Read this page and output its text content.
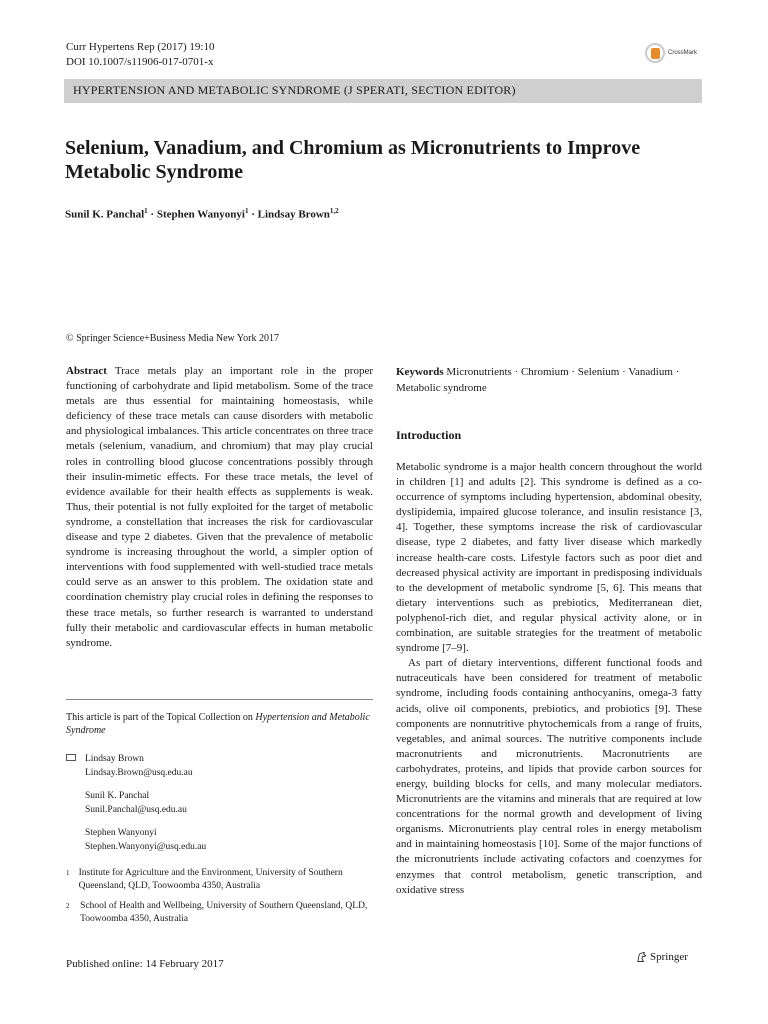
Curr Hypertens Rep (2017) 19:10
DOI 10.1007/s11906-017-0701-x
CrossMark
HYPERTENSION AND METABOLIC SYNDROME (J SPERATI, SECTION EDITOR)
Selenium, Vanadium, and Chromium as Micronutrients to Improve Metabolic Syndrome
Sunil K. Panchal$^1$ · Stephen Wanyonyi$^1$ · Lindsay Brown$^{1,2}$
© Springer Science+Business Media New York 2017
Abstract Trace metals play an important role in the proper functioning of carbohydrate and lipid metabolism. Some of the trace metals are thus essential for maintaining homeostasis, while deficiency of these trace metals can cause disorders with metabolic and physiological imbalances. This article concentrates on three trace metals (selenium, vanadium, and chromium) that may play crucial roles in controlling blood glucose concentrations possibly through their insulin-mimetic effects. For these trace metals, the level of evidence available for their health effects as supplements is weak. Thus, their potential is not fully exploited for the target of metabolic syndrome, a constellation that increases the risk for cardiovascular disease and type 2 diabetes. Given that the prevalence of metabolic syndrome is increasing throughout the world, a simpler option of interventions with food supplemented with well-studied trace metals could serve as an answer to this problem. The oxidation state and coordination chemistry play crucial roles in defining the responses to these trace metals, so further research is warranted to understand fully their metabolic and cardiovascular effects in human metabolic syndrome.
This article is part of the Topical Collection on Hypertension and Metabolic Syndrome
Lindsay Brown
Lindsay.Brown@usq.edu.au
Sunil K. Panchal
Sunil.Panchal@usq.edu.au
Stephen Wanyonyi
Stephen.Wanyonyi@usq.edu.au
1 Institute for Agriculture and the Environment, University of Southern Queensland, QLD, Toowoomba 4350, Australia
2	School of Health and Wellbeing, University of Southern Queensland, QLD, Toowoomba 4350, Australia
Published online: 14 February 2017
Keywords Micronutrients · Chromium · Selenium · Vanadium · Metabolic syndrome
Introduction

Metabolic syndrome is a major health concern throughout the world in children [1] and adults [2]. This syndrome is defined as a co-occurrence of symptoms including hypertension, abdominal obesity, dyslipidemia, impaired glucose tolerance, and insulin resistance [3, 4]. Together, these symptoms increase the risk of cardiovascular disease, type 2 diabetes, and fatty liver disease which markedly increase health-care costs. Lifestyle factors such as poor diet and decreased physical activity are important in predisposing individuals to the development of metabolic syndrome [5, 6]. This means that dietary interventions such as prebiotics, Mediterranean diet, polyphenol-rich diet, and regular physical activity alone, or in combination, are suitable strategies for the treatment of metabolic syndrome [7–9].

As part of dietary interventions, different functional foods and nutraceuticals have been considered for treatment of metabolic syndrome, including foods containing anthocyanins, omega-3 fatty acids, olive oil components, prebiotics, and probiotics [9]. These components are nonnutritive phytochemicals from a range of fruits, vegetables, and animal sources. The nutritive components include macronutrients and micronutrients. Macronutrients are carbohydrates, proteins, and lipids that provide carbon sources for energy, building blocks for cells, and many molecular mediators. Micronutrients are the vitamins and minerals that are required at low concentrations for the normal growth and development of living organisms. Micronutrients play central roles in energy metabolism and in maintaining homeostasis [10]. Some of the major functions of the micronutrients include activating cofactors and coenzymes for enzymes that control metabolism, genetic transcription, and oxidative stress

Springer
